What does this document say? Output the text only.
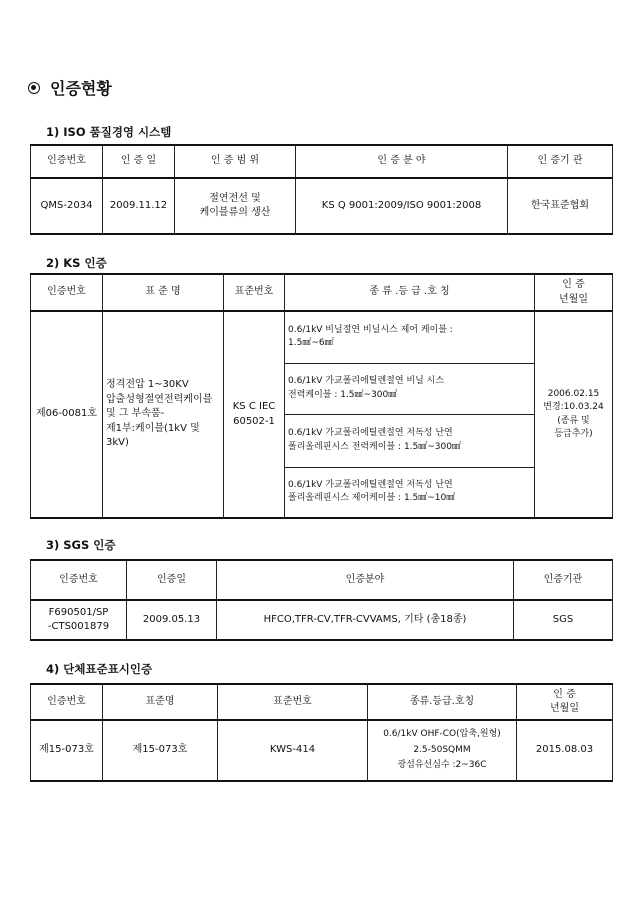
인증현황
1) ISO 품질경영 시스템
인증번호	인 증 일	인 증 범 위	인 증 분 야	인 증기 관
QMS-2034	2009.11.12	절연전선 및
케이블류의 생산	KS Q 9001:2009/ISO 9001:2008	한국표준협회
2) KS 인증
인증번호	표 준 명	표준번호	종 류 .등 급 .호 칭	인 증
년월일
제06-0081호	정격전압 1~30KV
압출성형절연전력케이블
및 그 부속품-
제1부:케이블(1kV 및
3kV)	KS C IEC
60502-1	0.6/1kV 비닐절연 비닐시스 제어 케이블 :
1.5㎟~6㎟	2006.02.15
변경:10.03.24
(종류 및
등급추가)
			0.6/1kV 가교폴리에틸렌절연 비닐 시스
전력케이블 : 1.5㎟~300㎟	
			0.6/1kV 가교폴리에틸렌절연 저독성 난연
폴리올레핀시스 전력케이블 : 1.5㎟~300㎟	
			0.6/1kV 가교폴리에틸렌절연 저독성 난연
폴리올레핀시스 제어케이블 : 1.5㎟~10㎟	
3) SGS 인증
인증번호	인증일	인증분야	인증기관
F690501/SP
-CTS001879	2009.05.13	HFCO,TFR-CV,TFR-CVVAMS, 기타 (총18종)	SGS
4) 단체표준표시인증
인증번호	표준명	표준번호	종류.등급.호칭	인 증
년월일
제15-073호	제15-073호	KWS-414	0.6/1kV OHF-CO(압축,원형)
2.5-50SQMM
광섬유선심수 :2~36C	2015.08.03
